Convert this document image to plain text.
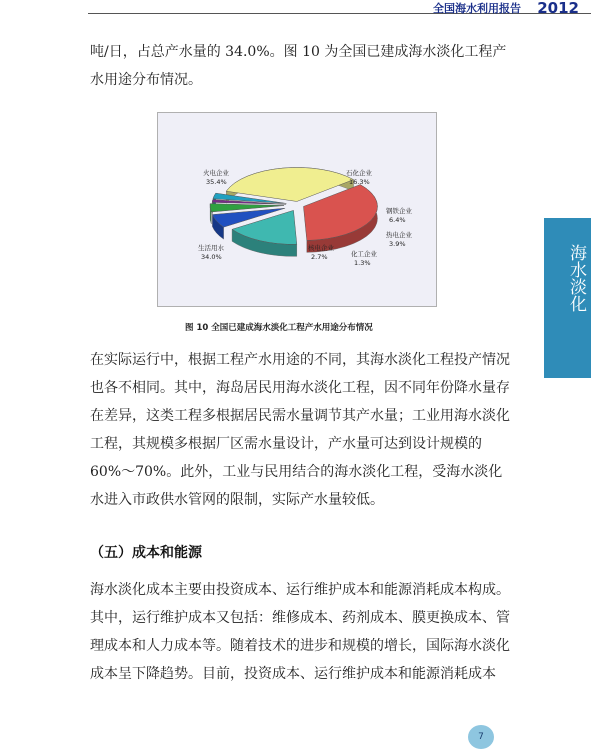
全国海水利用报告 2012

吨/日，占总产水量的 34.0%。图 10 为全国已建成海水淡化工程产水用途分布情况。

火电企业
35.4%
石化企业
16.3%
钢铁企业
6.4%
热电企业
3.9%
化工企业
1.3%
核电企业
2.7%
生活用水
34.0%
图 10 全国已建成海水淡化工程产水用途分布情况

在实际运行中，根据工程产水用途的不同，其海水淡化工程投产情况也各不相同。其中，海岛居民用海水淡化工程，因不同年份降水量存在差异，这类工程多根据居民需水量调节其产水量；工业用海水淡化工程，其规模多根据厂区需水量设计，产水量可达到设计规模的60%～70%。此外，工业与民用结合的海水淡化工程，受海水淡化水进入市政供水管网的限制，实际产水量较低。

（五）成本和能源

海水淡化成本主要由投资成本、运行维护成本和能源消耗成本构成。其中，运行维护成本又包括：维修成本、药剂成本、膜更换成本、管理成本和人力成本等。随着技术的进步和规模的增长，国际海水淡化成本呈下降趋势。目前，投资成本、运行维护成本和能源消耗成本

海水淡化
7
